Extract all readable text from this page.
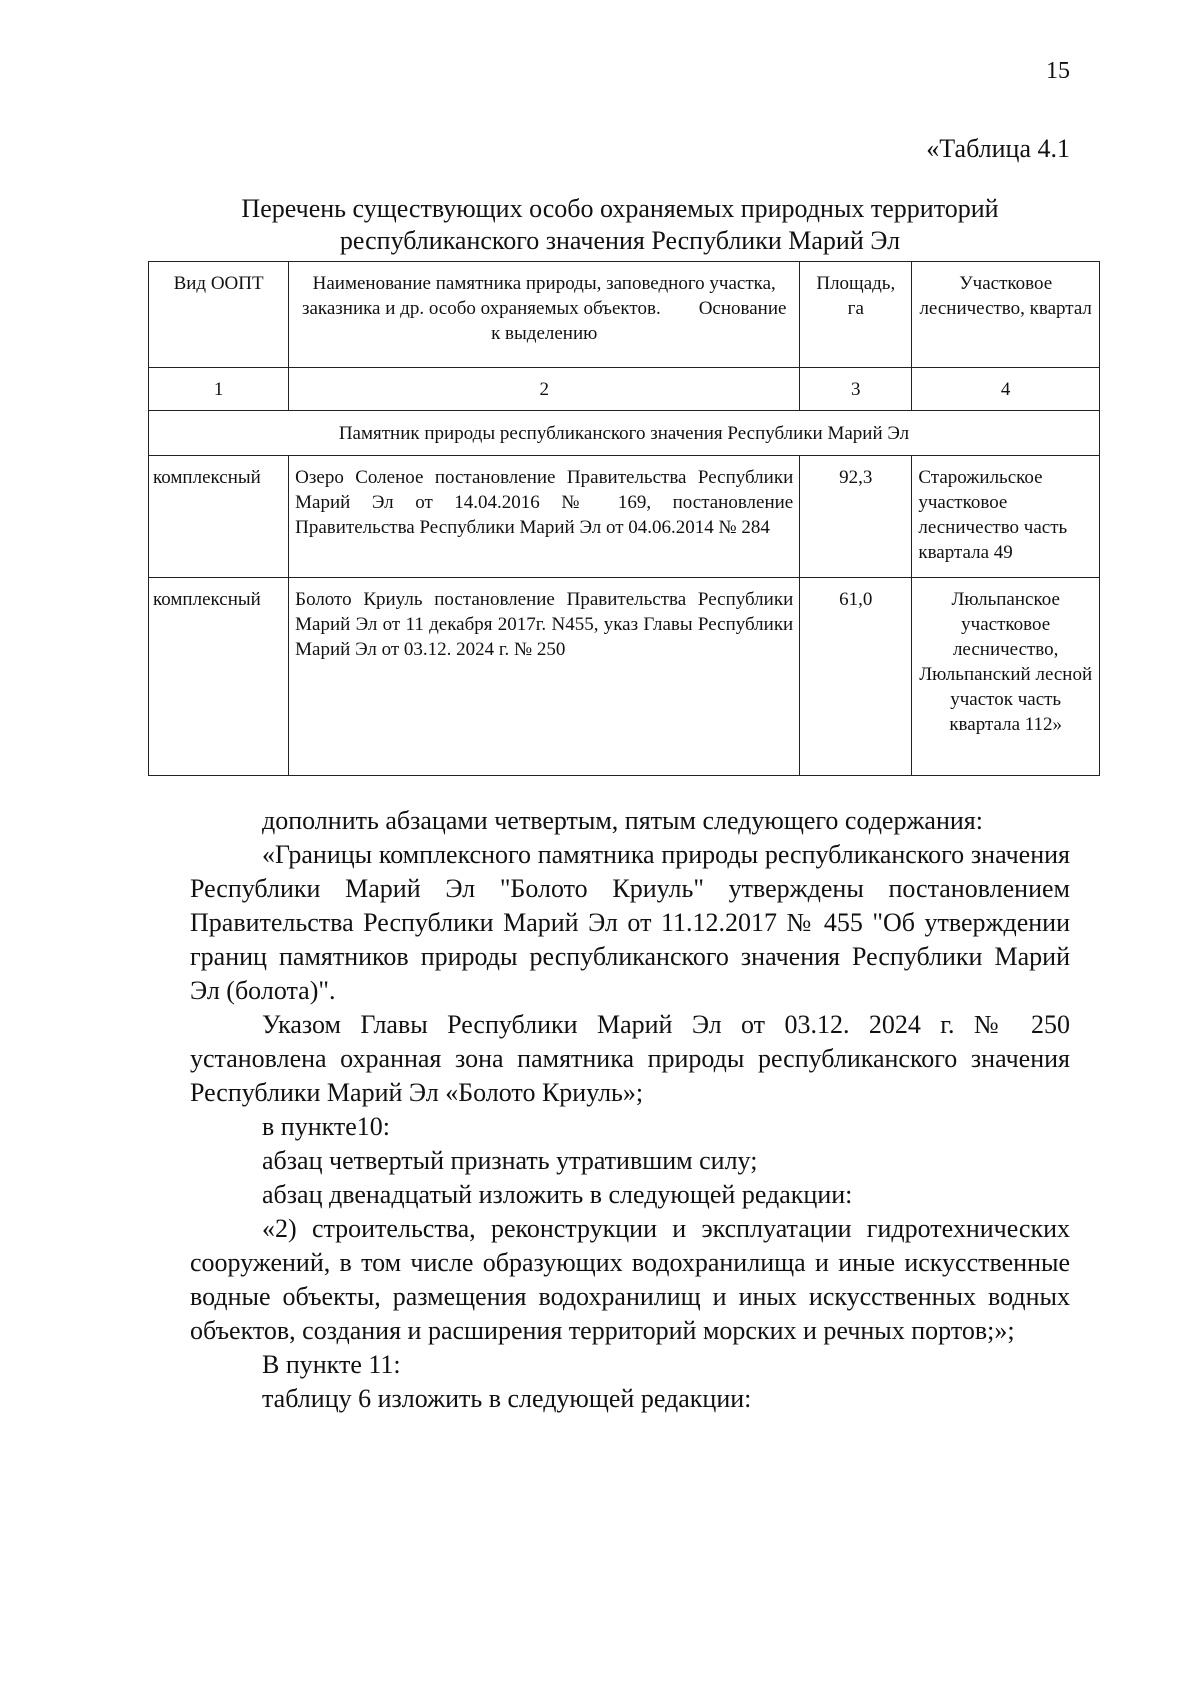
15
«Таблица 4.1
Перечень существующих особо охраняемых природных территорий
республиканского значения Республики Марий Эл
Вид ООПТ	Наименование памятника природы, заповедного участка, заказника и др. особо охраняемых объектов.        Основание к выделению	Площадь, га	Участковое лесничество, квартал
1	2	3	4
Памятник природы республиканского значения Республики Марий Эл			
комплексный	Озеро Соленое постановление Правительства Республики Марий Эл от 14.04.2016 № 169, постановление Правительства Республики Марий Эл от 04.06.2014 № 284	92,3	Старожильское участковое лесничество часть квартала 49
комплексный	Болото Криуль постановление Правительства Республики Марий Эл от 11 декабря 2017г. N455, указ Главы Республики Марий Эл от 03.12. 2024 г. № 250	61,0	Люльпанское участковое лесничество, Люльпанский лесной участок часть квартала 112»

дополнить абзацами четвертым, пятым следующего содержания:

«Границы комплексного памятника природы республиканского значения Республики Марий Эл "Болото Криуль" утверждены постановлением Правительства Республики Марий Эл от 11.12.2017 № 455 "Об утверждении границ памятников природы республиканского значения Республики Марий Эл (болота)".

Указом Главы Республики Марий Эл от 03.12. 2024 г. № 250 установлена охранная зона памятника природы республиканского значения Республики Марий Эл «Болото Криуль»;

в пункте10:

абзац четвертый признать утратившим силу;

абзац двенадцатый изложить в следующей редакции:

«2) строительства, реконструкции и эксплуатации гидротехнических сооружений, в том числе образующих водохранилища и иные искусственные водные объекты, размещения водохранилищ и иных искусственных водных объектов, создания и расширения территорий морских и речных портов;»;

В пункте 11:

таблицу 6 изложить в следующей редакции:
